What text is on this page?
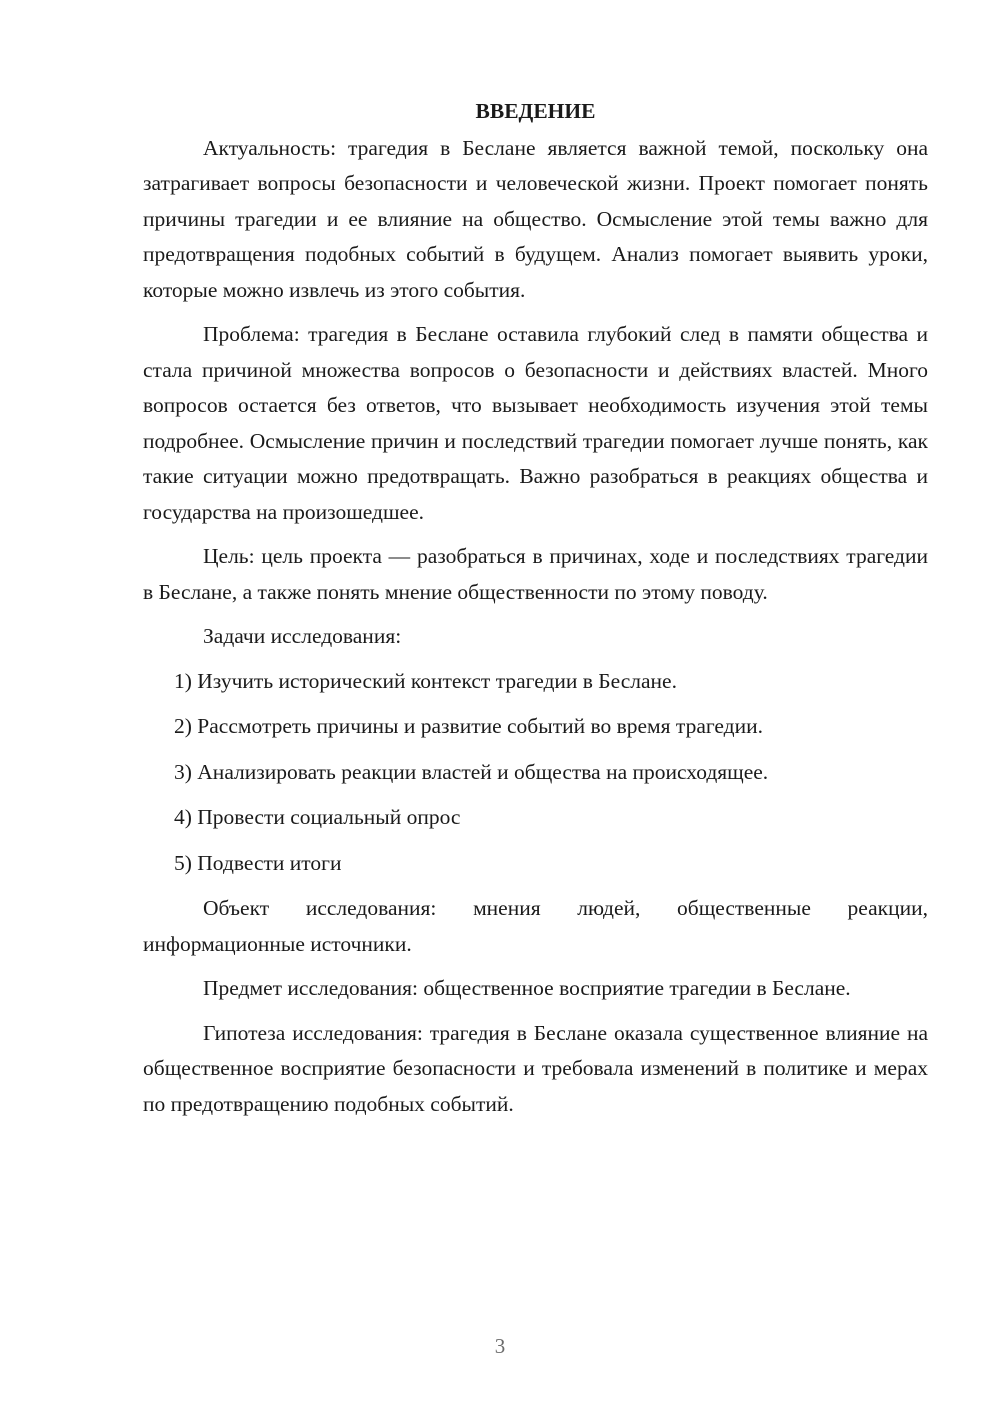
ВВЕДЕНИЕ
Актуальность: трагедия в Беслане является важной темой, поскольку она затрагивает вопросы безопасности и человеческой жизни. Проект помогает понять причины трагедии и ее влияние на общество. Осмысление этой темы важно для предотвращения подобных событий в будущем. Анализ помогает выявить уроки, которые можно извлечь из этого события.
Проблема: трагедия в Беслане оставила глубокий след в памяти общества и стала причиной множества вопросов о безопасности и действиях властей. Много вопросов остается без ответов, что вызывает необходимость изучения этой темы подробнее. Осмысление причин и последствий трагедии помогает лучше понять, как такие ситуации можно предотвращать. Важно разобраться в реакциях общества и государства на произошедшее.
Цель: цель проекта — разобраться в причинах, ходе и последствиях трагедии в Беслане, а также понять мнение общественности по этому поводу.
Задачи исследования:
1) Изучить исторический контекст трагедии в Беслане.
2) Рассмотреть причины и развитие событий во время трагедии.
3) Анализировать реакции властей и общества на происходящее.
4) Провести социальный опрос
5) Подвести итоги
Объект исследования: мнения людей, общественные реакции, информационные источники.
Предмет исследования: общественное восприятие трагедии в Беслане.
Гипотеза исследования: трагедия в Беслане оказала существенное влияние на общественное восприятие безопасности и требовала изменений в политике и мерах по предотвращению подобных событий.
3
